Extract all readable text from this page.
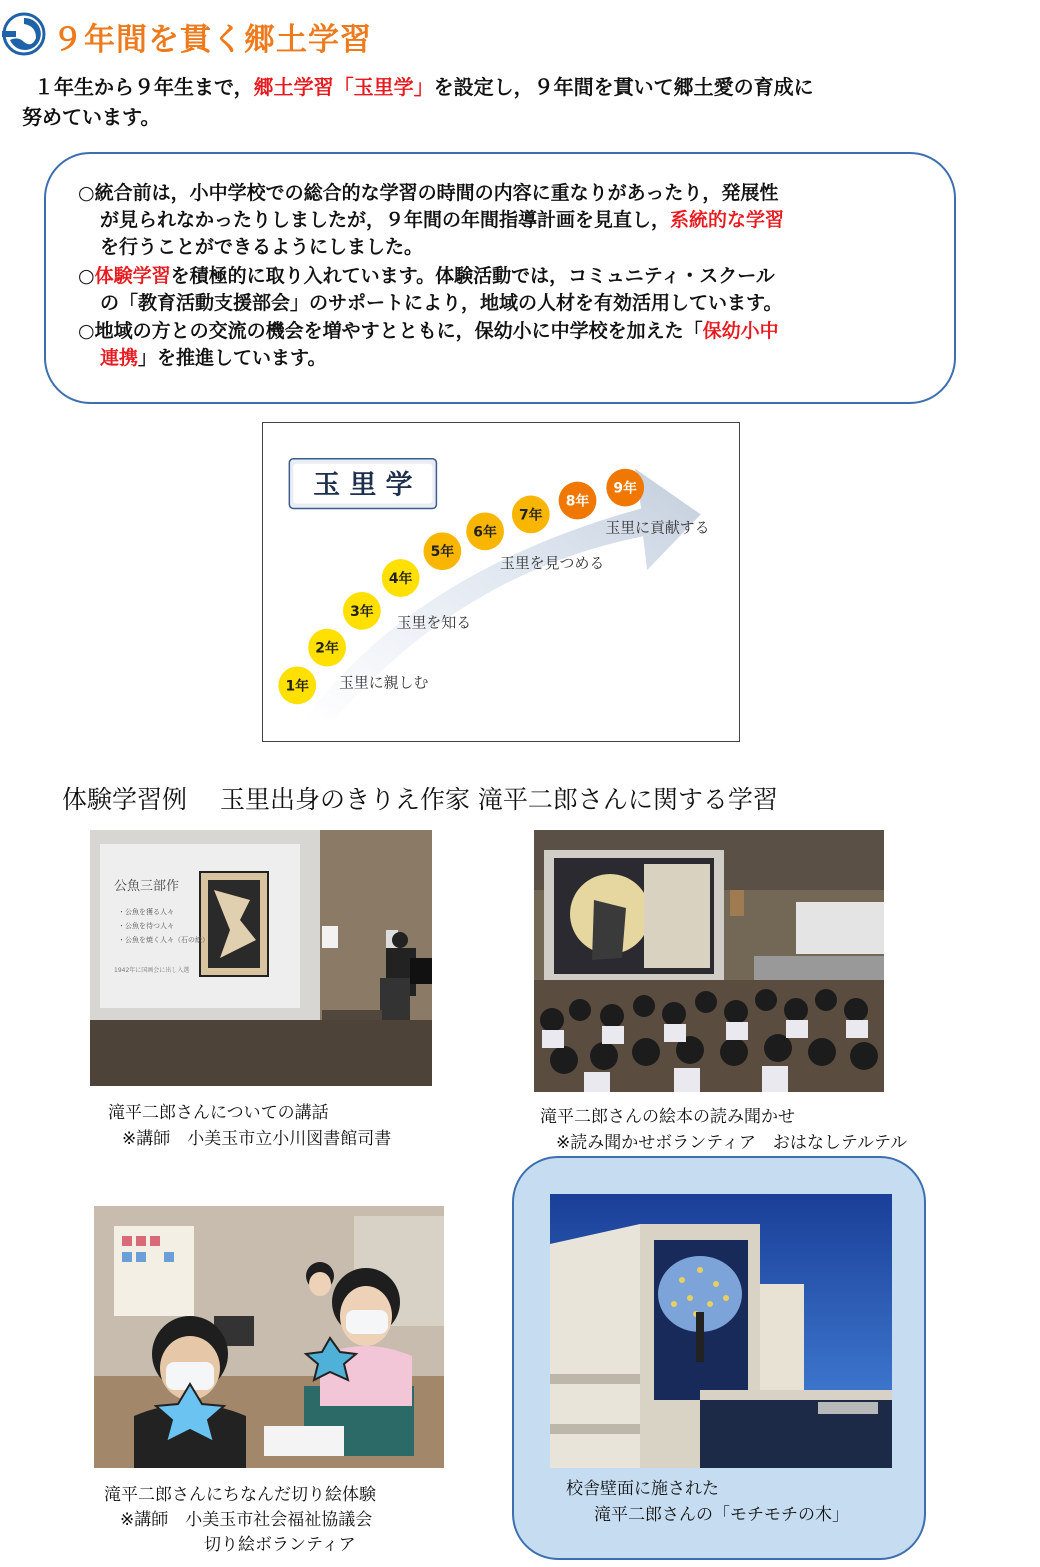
９年間を貫く郷土学習
１年生から９年生まで，郷土学習「玉里学」を設定し，９年間を貫いて郷土愛の育成に
努めています。
○統合前は，小中学校での総合的な学習の時間の内容に重なりがあったり，発展性
が見られなかったりしましたが，９年間の年間指導計画を見直し，系統的な学習
を行うことができるようにしました。
○体験学習を積極的に取り入れています。体験活動では，コミュニティ・スクール
の「教育活動支援部会」のサポートにより，地域の人材を有効活用しています。
○地域の方との交流の機会を増やすとともに，保幼小に中学校を加えた「保幼小中
連携」を推進しています。
玉 里 学
1年
2年
3年
4年
5年
6年
7年
8年
9年
玉里に親しむ
玉里を知る
玉里を見つめる
玉里に貢献する
体験学習例　 玉里出身のきりえ作家 滝平二郎さんに関する学習
公魚三部作
・公魚を獲る人々
・公魚を待つ人々
・公魚を焼く人々（石の絵）
1942年に国画会に出し入選
滝平二郎さんについての講話
※講師　小美玉市立小川図書館司書
滝平二郎さんの絵本の読み聞かせ
※読み聞かせボランティア　おはなしテルテル
滝平二郎さんにちなんだ切り絵体験
※講師　小美玉市社会福祉協議会
切り絵ボランティア
校舎壁面に施された
滝平二郎さんの「モチモチの木」
